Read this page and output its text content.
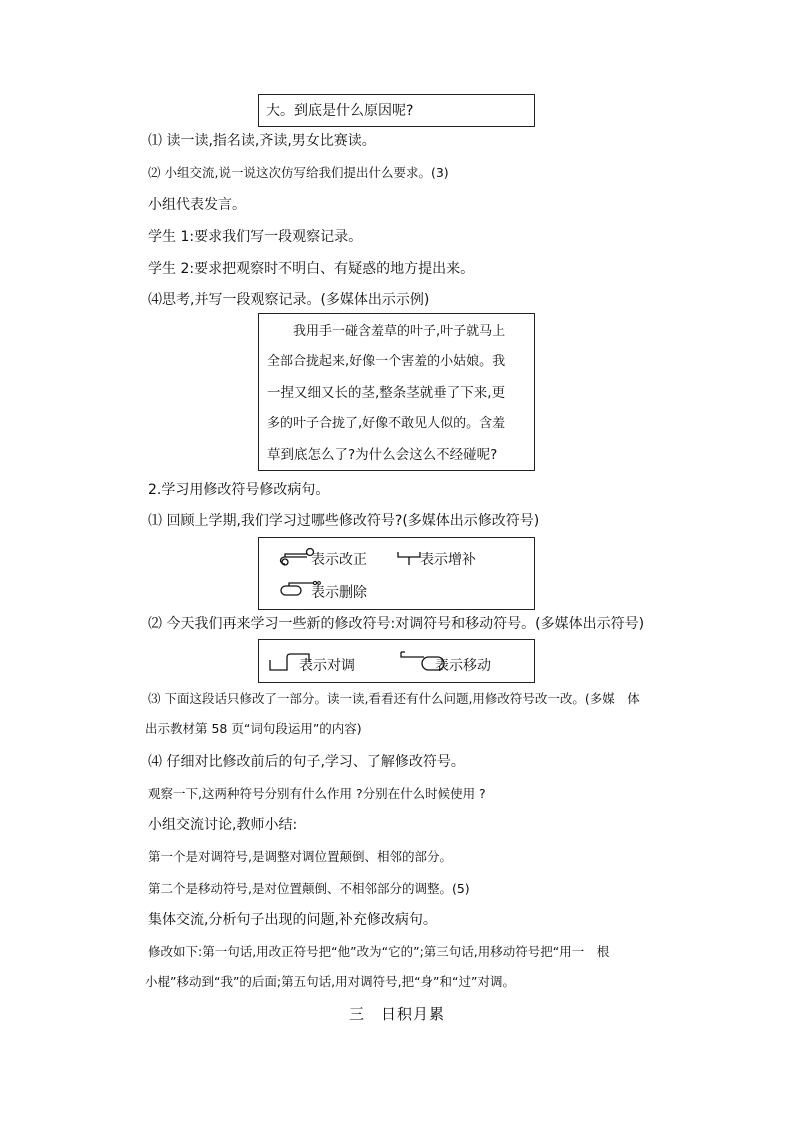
大。到底是什么原因呢?
⑴ 读一读,指名读,齐读,男女比赛读。
⑵ 小组交流,说一说这次仿写给我们提出什么要求。(3)
小组代表发言。
学生 1:要求我们写一段观察记录。
学生 2:要求把观察时不明白、有疑惑的地方提出来。
⑷思考,并写一段观察记录。(多媒体出示示例)
　　我用手一碰含羞草的叶子,叶子就马上
全部合拢起来,好像一个害羞的小姑娘。我
一捏又细又长的茎,整条茎就垂了下来,更
多的叶子合拢了,好像不敢见人似的。含羞
草到底怎么了?为什么会这么不经碰呢?
2.学习用修改符号修改病句。
⑴ 回顾上学期,我们学习过哪些修改符号?(多媒体出示修改符号)
表示改正	表示增补
表示删除
⑵ 今天我们再来学习一些新的修改符号:对调符号和移动符号。(多媒体出示符号)
表示对调	表示移动
⑶ 下面这段话只修改了一部分。读一读,看看还有什么问题,用修改符号改一改。(多媒　体
出示教材第 58 页“词句段运用”的内容)
⑷ 仔细对比修改前后的句子,学习、了解修改符号。
观察一下,这两种符号分别有什么作用 ?分别在什么时候使用 ?
小组交流讨论,教师小结:
第一个是对调符号,是调整对调位置颠倒、相邻的部分。
第二个是移动符号,是对位置颠倒、不相邻部分的调整。(5)
集体交流,分析句子出现的问题,补充修改病句。
修改如下:第一句话,用改正符号把“他”改为“它的”;第三句话,用移动符号把“用一　根
小棍”移动到“我”的后面;第五句话,用对调符号,把“身”和“过”对调。
三　日积月累
